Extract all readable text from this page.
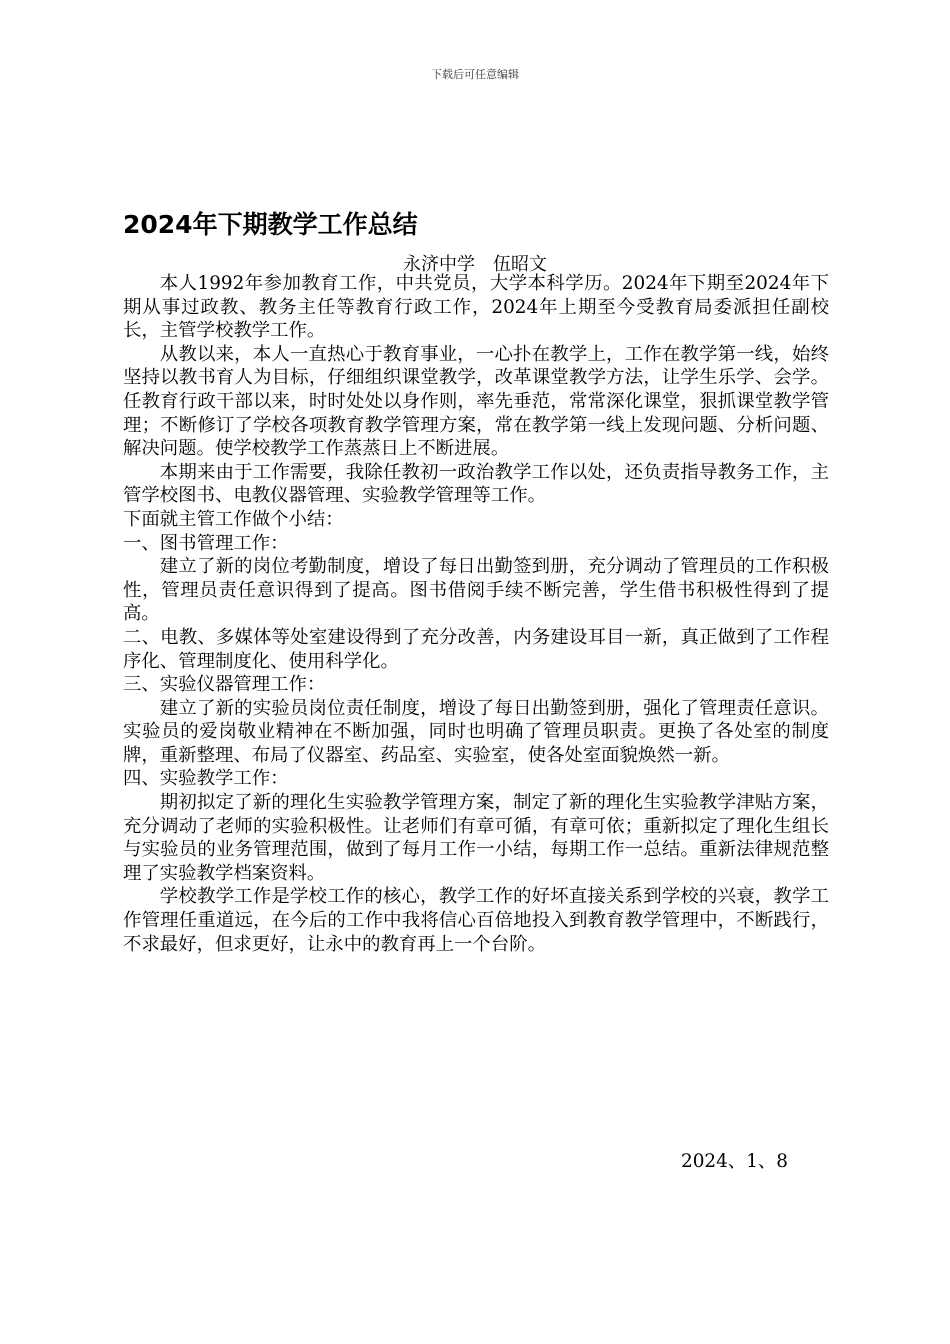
下载后可任意编辑
2024年下期教学工作总结
永济中学　伍昭文

本人1992年参加教育工作，中共党员，大学本科学历。2024年下期至2024年下期从事过政教、教务主任等教育行政工作，2024年上期至今受教育局委派担任副校长，主管学校教学工作。

从教以来，本人一直热心于教育事业，一心扑在教学上，工作在教学第一线，始终坚持以教书育人为目标，仔细组织课堂教学，改革课堂教学方法，让学生乐学、会学。任教育行政干部以来，时时处处以身作则，率先垂范，常常深化课堂，狠抓课堂教学管理；不断修订了学校各项教育教学管理方案，常在教学第一线上发现问题、分析问题、解决问题。使学校教学工作蒸蒸日上不断进展。

本期来由于工作需要，我除任教初一政治教学工作以处，还负责指导教务工作，主管学校图书、电教仪器管理、实验教学管理等工作。

下面就主管工作做个小结：

一、图书管理工作：

建立了新的岗位考勤制度，增设了每日出勤签到册，充分调动了管理员的工作积极性，管理员责任意识得到了提高。图书借阅手续不断完善，学生借书积极性得到了提高。

二、电教、多媒体等处室建设得到了充分改善，内务建设耳目一新，真正做到了工作程序化、管理制度化、使用科学化。

三、实验仪器管理工作：

建立了新的实验员岗位责任制度，增设了每日出勤签到册，强化了管理责任意识。实验员的爱岗敬业精神在不断加强，同时也明确了管理员职责。更换了各处室的制度牌，重新整理、布局了仪器室、药品室、实验室，使各处室面貌焕然一新。

四、实验教学工作：

期初拟定了新的理化生实验教学管理方案，制定了新的理化生实验教学津贴方案，充分调动了老师的实验积极性。让老师们有章可循，有章可依；重新拟定了理化生组长与实验员的业务管理范围，做到了每月工作一小结，每期工作一总结。重新法律规范整理了实验教学档案资料。

学校教学工作是学校工作的核心，教学工作的好坏直接关系到学校的兴衰，教学工作管理任重道远，在今后的工作中我将信心百倍地投入到教育教学管理中，不断践行，不求最好，但求更好，让永中的教育再上一个台阶。

2024、1、8
